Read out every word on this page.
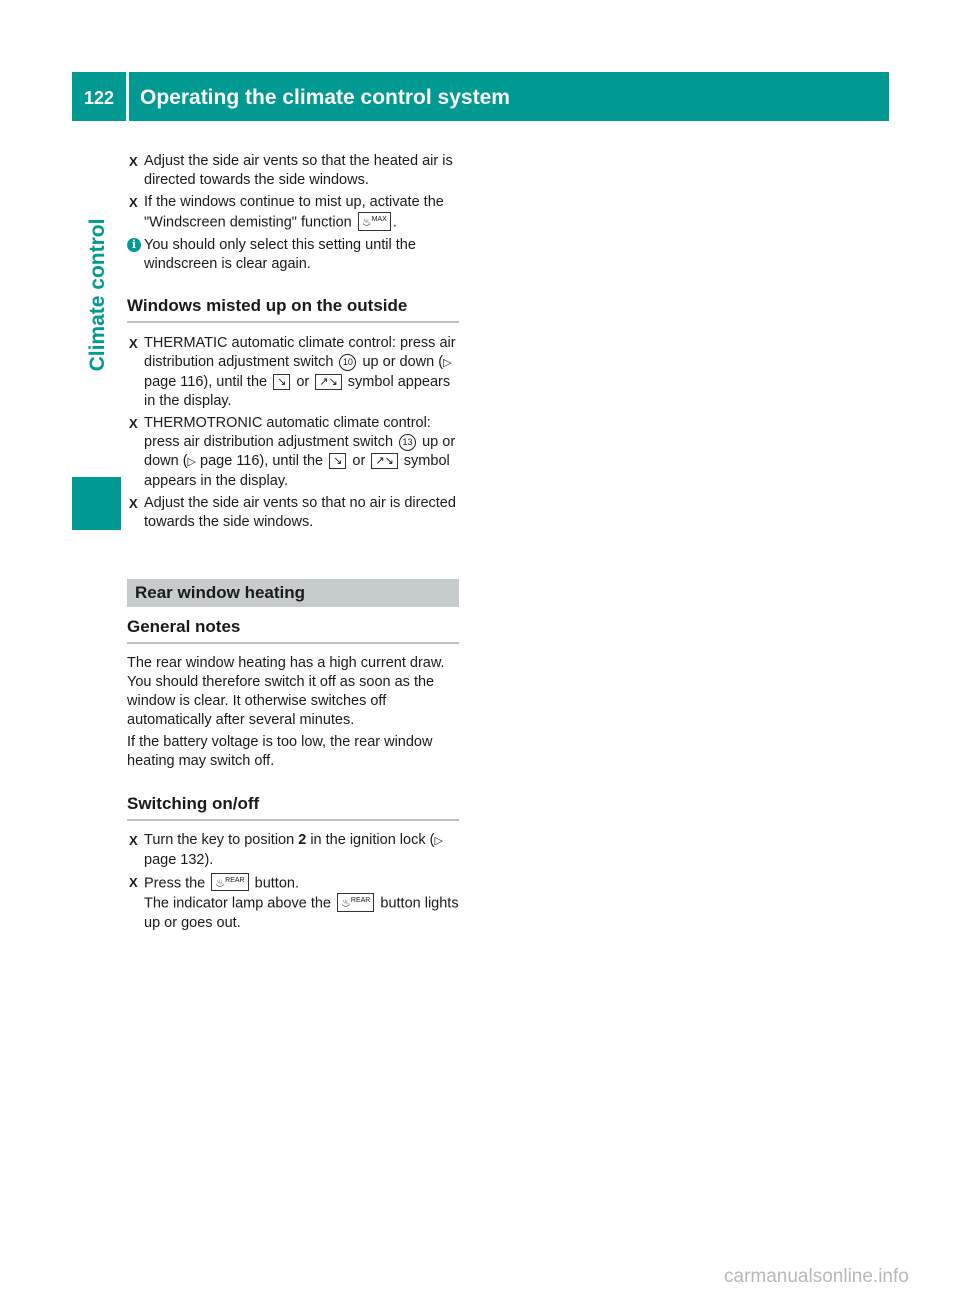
122 Operating the climate control system
Climate control
X Adjust the side air vents so that the heated air is directed towards the side windows.
X If the windows continue to mist up, activate the "Windscreen demisting" function ♨$^{MAX}$ .
i You should only select this setting until the windscreen is clear again.
Windows misted up on the outside
X THERMATIC automatic climate control: press air distribution adjustment switch 10 up or down (▷ page 116), until the ↘ or ↗↘ symbol appears in the display.
X THERMOTRONIC automatic climate control: press air distribution adjustment switch 13 up or down (▷ page 116), until the ↘ or ↗↘ symbol appears in the display.
X Adjust the side air vents so that no air is directed towards the side windows.
Rear window heating
General notes

The rear window heating has a high current draw. You should therefore switch it off as soon as the window is clear. It otherwise switches off automatically after several minutes.

If the battery voltage is too low, the rear window heating may switch off.

Switching on/off
X Turn the key to position 2 in the ignition lock (▷ page 132).
X Press the ♨$^{REAR}$ button.
The indicator lamp above the ♨$^{REAR}$ button lights up or goes out.
carmanualsonline.info
